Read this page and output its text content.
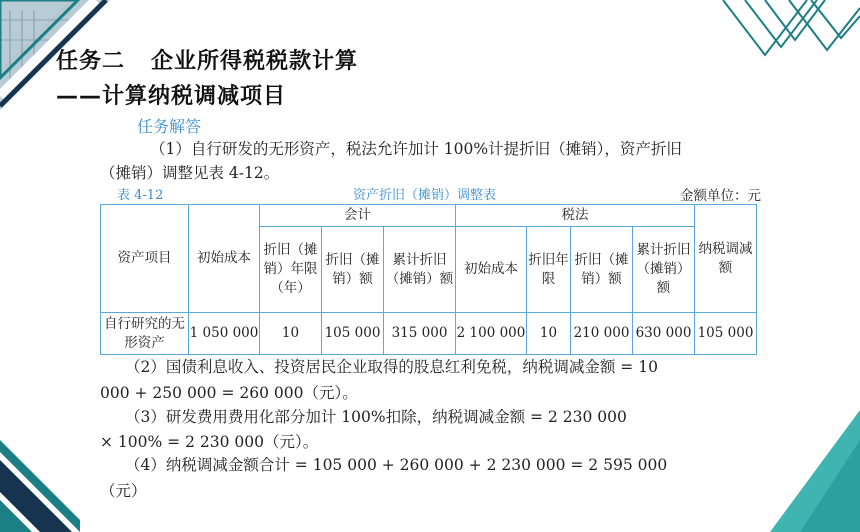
任务二 企业所得税税款计算
——计算纳税调减项目
任务解答
（1）自行研发的无形资产，税法允许加计 100%计提折旧（摊销），资产折旧
（摊销）调整见表 4-12。
表 4-12	资产折旧（摊销）调整表	金额单位：元
资产项目	初始成本	会计			税法				纳税调减额
		折旧（摊销）年限（年）	折旧（摊销）额	累计折旧（摊销）额	初始成本	折旧年限	折旧（摊销）额	累计折旧（摊销）额	
自行研究的无形资产	1 050 000	10	105 000	315 000	2 100 000	10	210 000	630 000	105 000
（2）国债利息收入、投资居民企业取得的股息红利免税，纳税调减金额 = 10
000 + 250 000 = 260 000（元）。
（3）研发费用费用化部分加计 100%扣除，纳税调减金额 = 2 230 000
× 100% = 2 230 000（元）。
（4）纳税调减金额合计 = 105 000 + 260 000 + 2 230 000 = 2 595 000
（元）
